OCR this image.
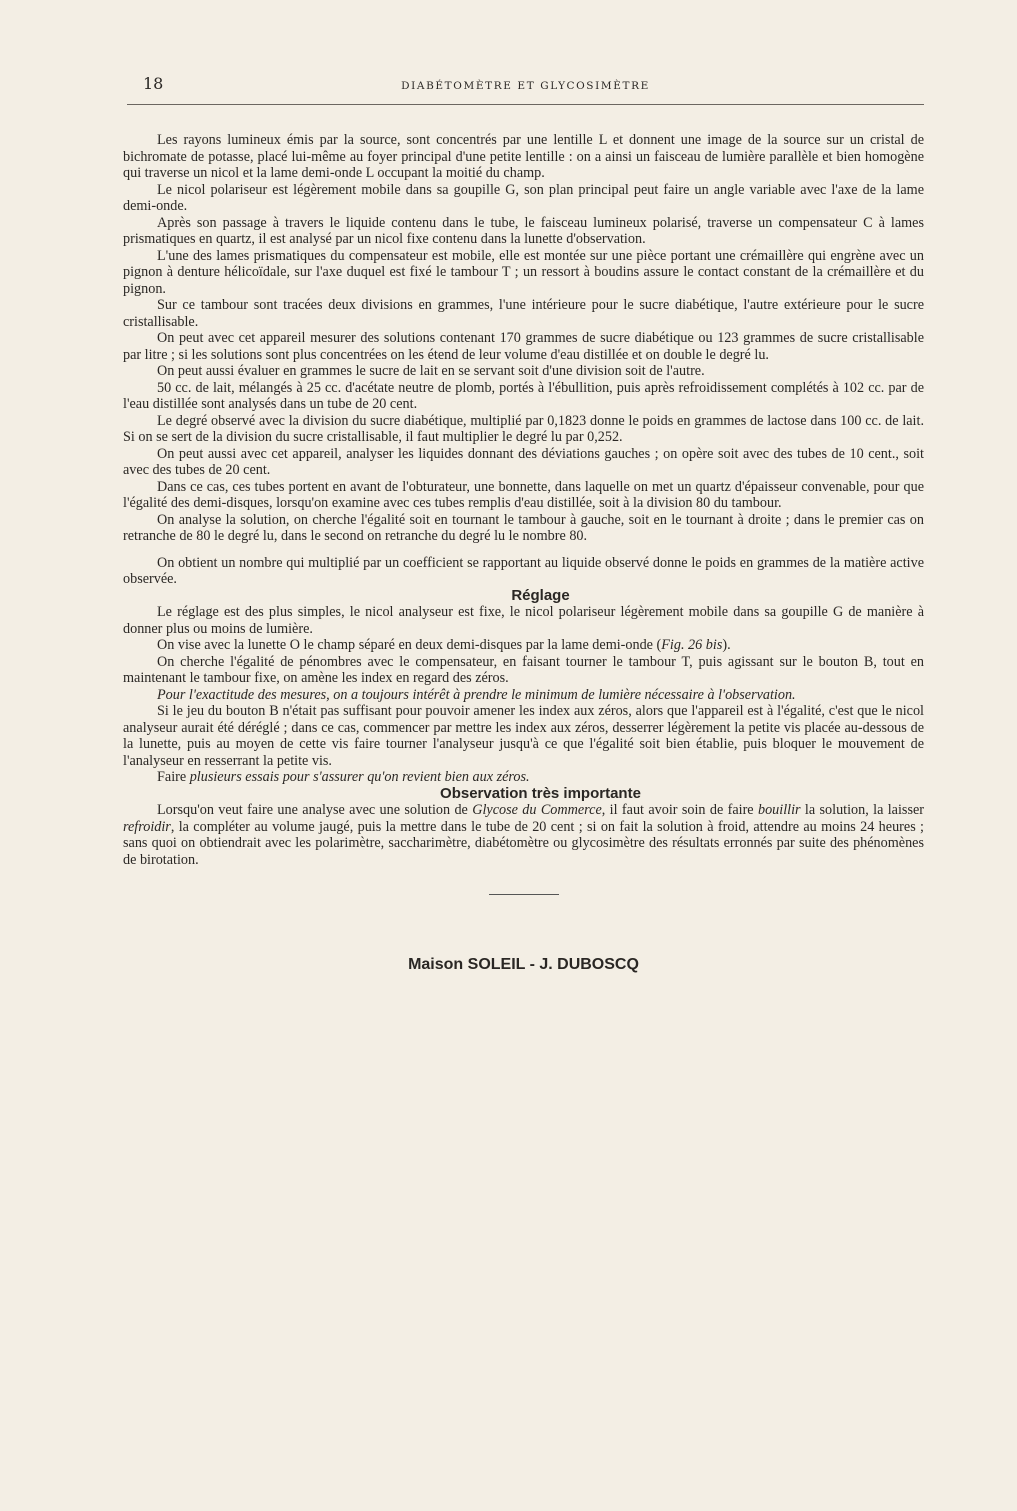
18	DIABÉTOMÈTRE ET GLYCOSIMÈTRE

Les rayons lumineux émis par la source, sont concentrés par une lentille L et donnent une image de la source sur un cristal de bichromate de potasse, placé lui-même au foyer principal d'une petite lentille : on a ainsi un faisceau de lumière parallèle et bien homogène qui traverse un nicol et la lame demi-onde L occupant la moitié du champ.

Le nicol polariseur est légèrement mobile dans sa goupille G, son plan principal peut faire un angle variable avec l'axe de la lame demi-onde.

Après son passage à travers le liquide contenu dans le tube, le faisceau lumineux polarisé, traverse un compensateur C à lames prismatiques en quartz, il est analysé par un nicol fixe contenu dans la lunette d'observation.

L'une des lames prismatiques du compensateur est mobile, elle est montée sur une pièce portant une crémaillère qui engrène avec un pignon à denture hélicoïdale, sur l'axe duquel est fixé le tambour T ; un ressort à boudins assure le contact constant de la crémaillère et du pignon.

Sur ce tambour sont tracées deux divisions en grammes, l'une intérieure pour le sucre diabétique, l'autre extérieure pour le sucre cristallisable.

On peut avec cet appareil mesurer des solutions contenant 170 grammes de sucre diabétique ou 123 grammes de sucre cristallisable par litre ; si les solutions sont plus concentrées on les étend de leur volume d'eau distillée et on double le degré lu.

On peut aussi évaluer en grammes le sucre de lait en se servant soit d'une division soit de l'autre.

50 cc. de lait, mélangés à 25 cc. d'acétate neutre de plomb, portés à l'ébullition, puis après refroidissement complétés à 102 cc. par de l'eau distillée sont analysés dans un tube de 20 cent.

Le degré observé avec la division du sucre diabétique, multiplié par 0,1823 donne le poids en grammes de lactose dans 100 cc. de lait. Si on se sert de la division du sucre cristallisable, il faut multiplier le degré lu par 0,252.

On peut aussi avec cet appareil, analyser les liquides donnant des déviations gauches ; on opère soit avec des tubes de 10 cent., soit avec des tubes de 20 cent.

Dans ce cas, ces tubes portent en avant de l'obturateur, une bonnette, dans laquelle on met un quartz d'épaisseur convenable, pour que l'égalité des demi-disques, lorsqu'on examine avec ces tubes remplis d'eau distillée, soit à la division 80 du tambour.

On analyse la solution, on cherche l'égalité soit en tournant le tambour à gauche, soit en le tournant à droite ; dans le premier cas on retranche de 80 le degré lu, dans le second on retranche du degré lu le nombre 80.

On obtient un nombre qui multiplié par un coefficient se rapportant au liquide observé donne le poids en grammes de la matière active observée.

Réglage

Le réglage est des plus simples, le nicol analyseur est fixe, le nicol polariseur légèrement mobile dans sa goupille G de manière à donner plus ou moins de lumière.

On vise avec la lunette O le champ séparé en deux demi-disques par la lame demi-onde (Fig. 26 bis).

On cherche l'égalité de pénombres avec le compensateur, en faisant tourner le tambour T, puis agissant sur le bouton B, tout en maintenant le tambour fixe, on amène les index en regard des zéros.

Pour l'exactitude des mesures, on a toujours intérêt à prendre le minimum de lumière nécessaire à l'observation.

Si le jeu du bouton B n'était pas suffisant pour pouvoir amener les index aux zéros, alors que l'appareil est à l'égalité, c'est que le nicol analyseur aurait été déréglé ; dans ce cas, commencer par mettre les index aux zéros, desserrer légèrement la petite vis placée au-dessous de la lunette, puis au moyen de cette vis faire tourner l'analyseur jusqu'à ce que l'égalité soit bien établie, puis bloquer le mouvement de l'analyseur en resserrant la petite vis.

Faire plusieurs essais pour s'assurer qu'on revient bien aux zéros.

Observation très importante

Lorsqu'on veut faire une analyse avec une solution de Glycose du Commerce, il faut avoir soin de faire bouillir la solution, la laisser refroidir, la compléter au volume jaugé, puis la mettre dans le tube de 20 cent ; si on fait la solution à froid, attendre au moins 24 heures ; sans quoi on obtiendrait avec les polarimètre, saccharimètre, diabétomètre ou glycosimètre des résultats erronnés par suite des phénomènes de birotation.

Maison SOLEIL - J. DUBOSCQ
